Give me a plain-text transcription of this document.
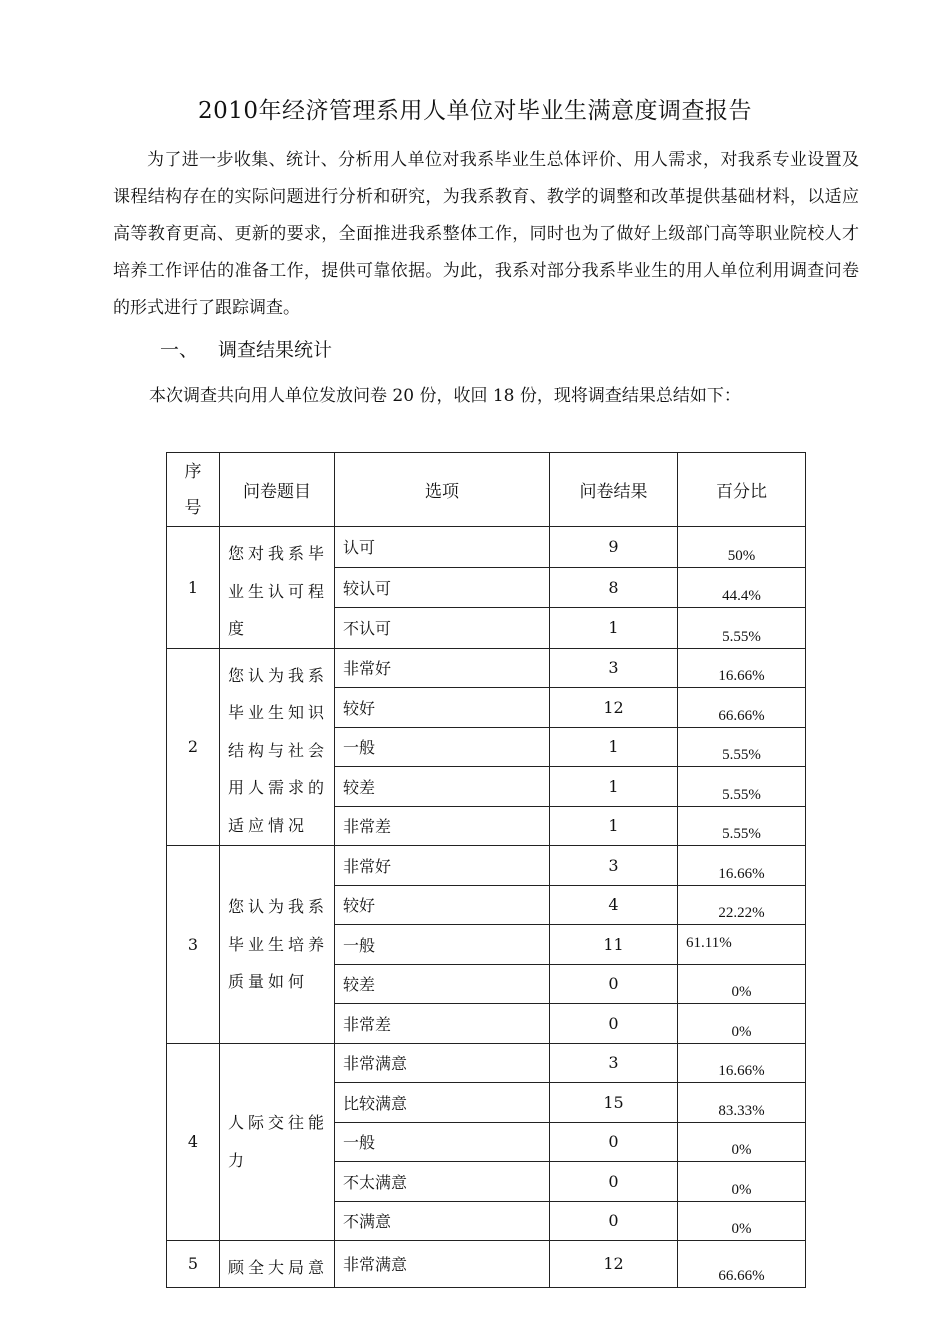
2010年经济管理系用人单位对毕业生满意度调查报告

为了进一步收集、统计、分析用人单位对我系毕业生总体评价、用人需求，对我系专业设置及课程结构存在的实际问题进行分析和研究，为我系教育、教学的调整和改革提供基础材料，以适应高等教育更高、更新的要求，全面推进我系整体工作，同时也为了做好上级部门高等职业院校人才培养工作评估的准备工作，提供可靠依据。为此，我系对部分我系毕业生的用人单位利用调查问卷的形式进行了跟踪调查。

一、 调查结果统计
本次调查共向用人单位发放问卷 20 份，收回 18 份，现将调查结果总结如下：
序
号	问卷题目	选项	问卷结果	百分比
1	您对我系毕业生认可程度	认可	9	50%
		较认可	8	44.4%
		不认可	1	5.55%
2	您认为我系毕业生知识结构与社会用人需求的适应情况	非常好	3	16.66%
		较好	12	66.66%
		一般	1	5.55%
		较差	1	5.55%
		非常差	1	5.55%
3	您认为我系毕业生培养质量如何	非常好	3	16.66%
		较好	4	22.22%
		一般	11	61.11%
		较差	0	0%
		非常差	0	0%
4	人际交往能力	非常满意	3	16.66%
		比较满意	15	83.33%
		一般	0	0%
		不太满意	0	0%
		不满意	0	0%
5	顾全大局意	非常满意	12	66.66%
